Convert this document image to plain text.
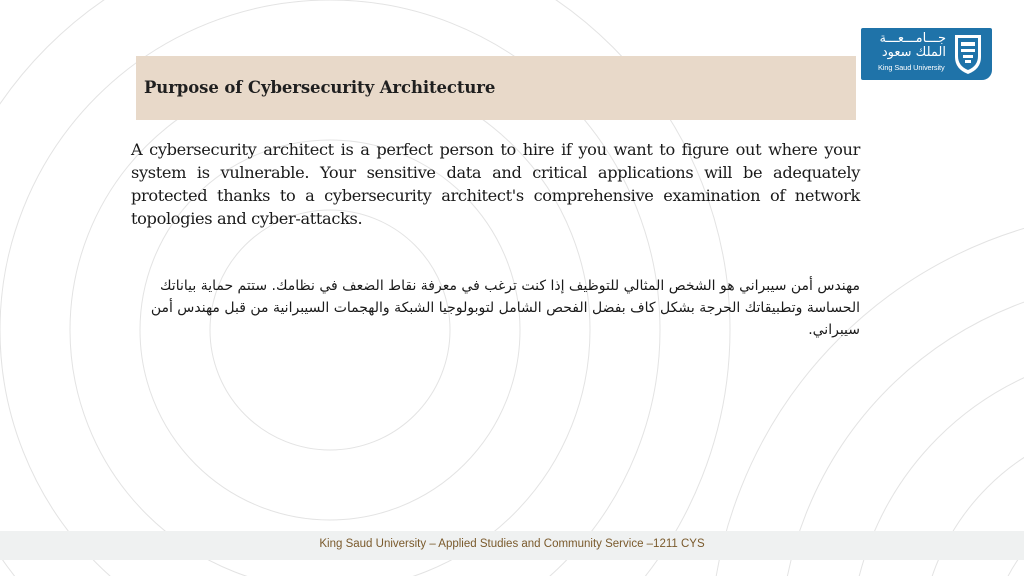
Purpose of Cybersecurity Architecture
جـــامـــعـــة
الملك سعود
King Saud University

A cybersecurity architect is a perfect person to hire if you want to figure out where your system is vulnerable. Your sensitive data and critical applications will be adequately protected thanks to a cybersecurity architect's comprehensive examination of network topologies and cyber-attacks.

مهندس أمن سيبراني هو الشخص المثالي للتوظيف إذا كنت ترغب في معرفة نقاط الضعف في نظامك. ستتم حماية بياناتك الحساسة وتطبيقاتك الحرجة بشكل كاف بفضل الفحص الشامل لتوبولوجيا الشبكة والهجمات السيبرانية من قبل مهندس أمن سيبراني.

King Saud University – Applied Studies and Community Service –1211 CYS
